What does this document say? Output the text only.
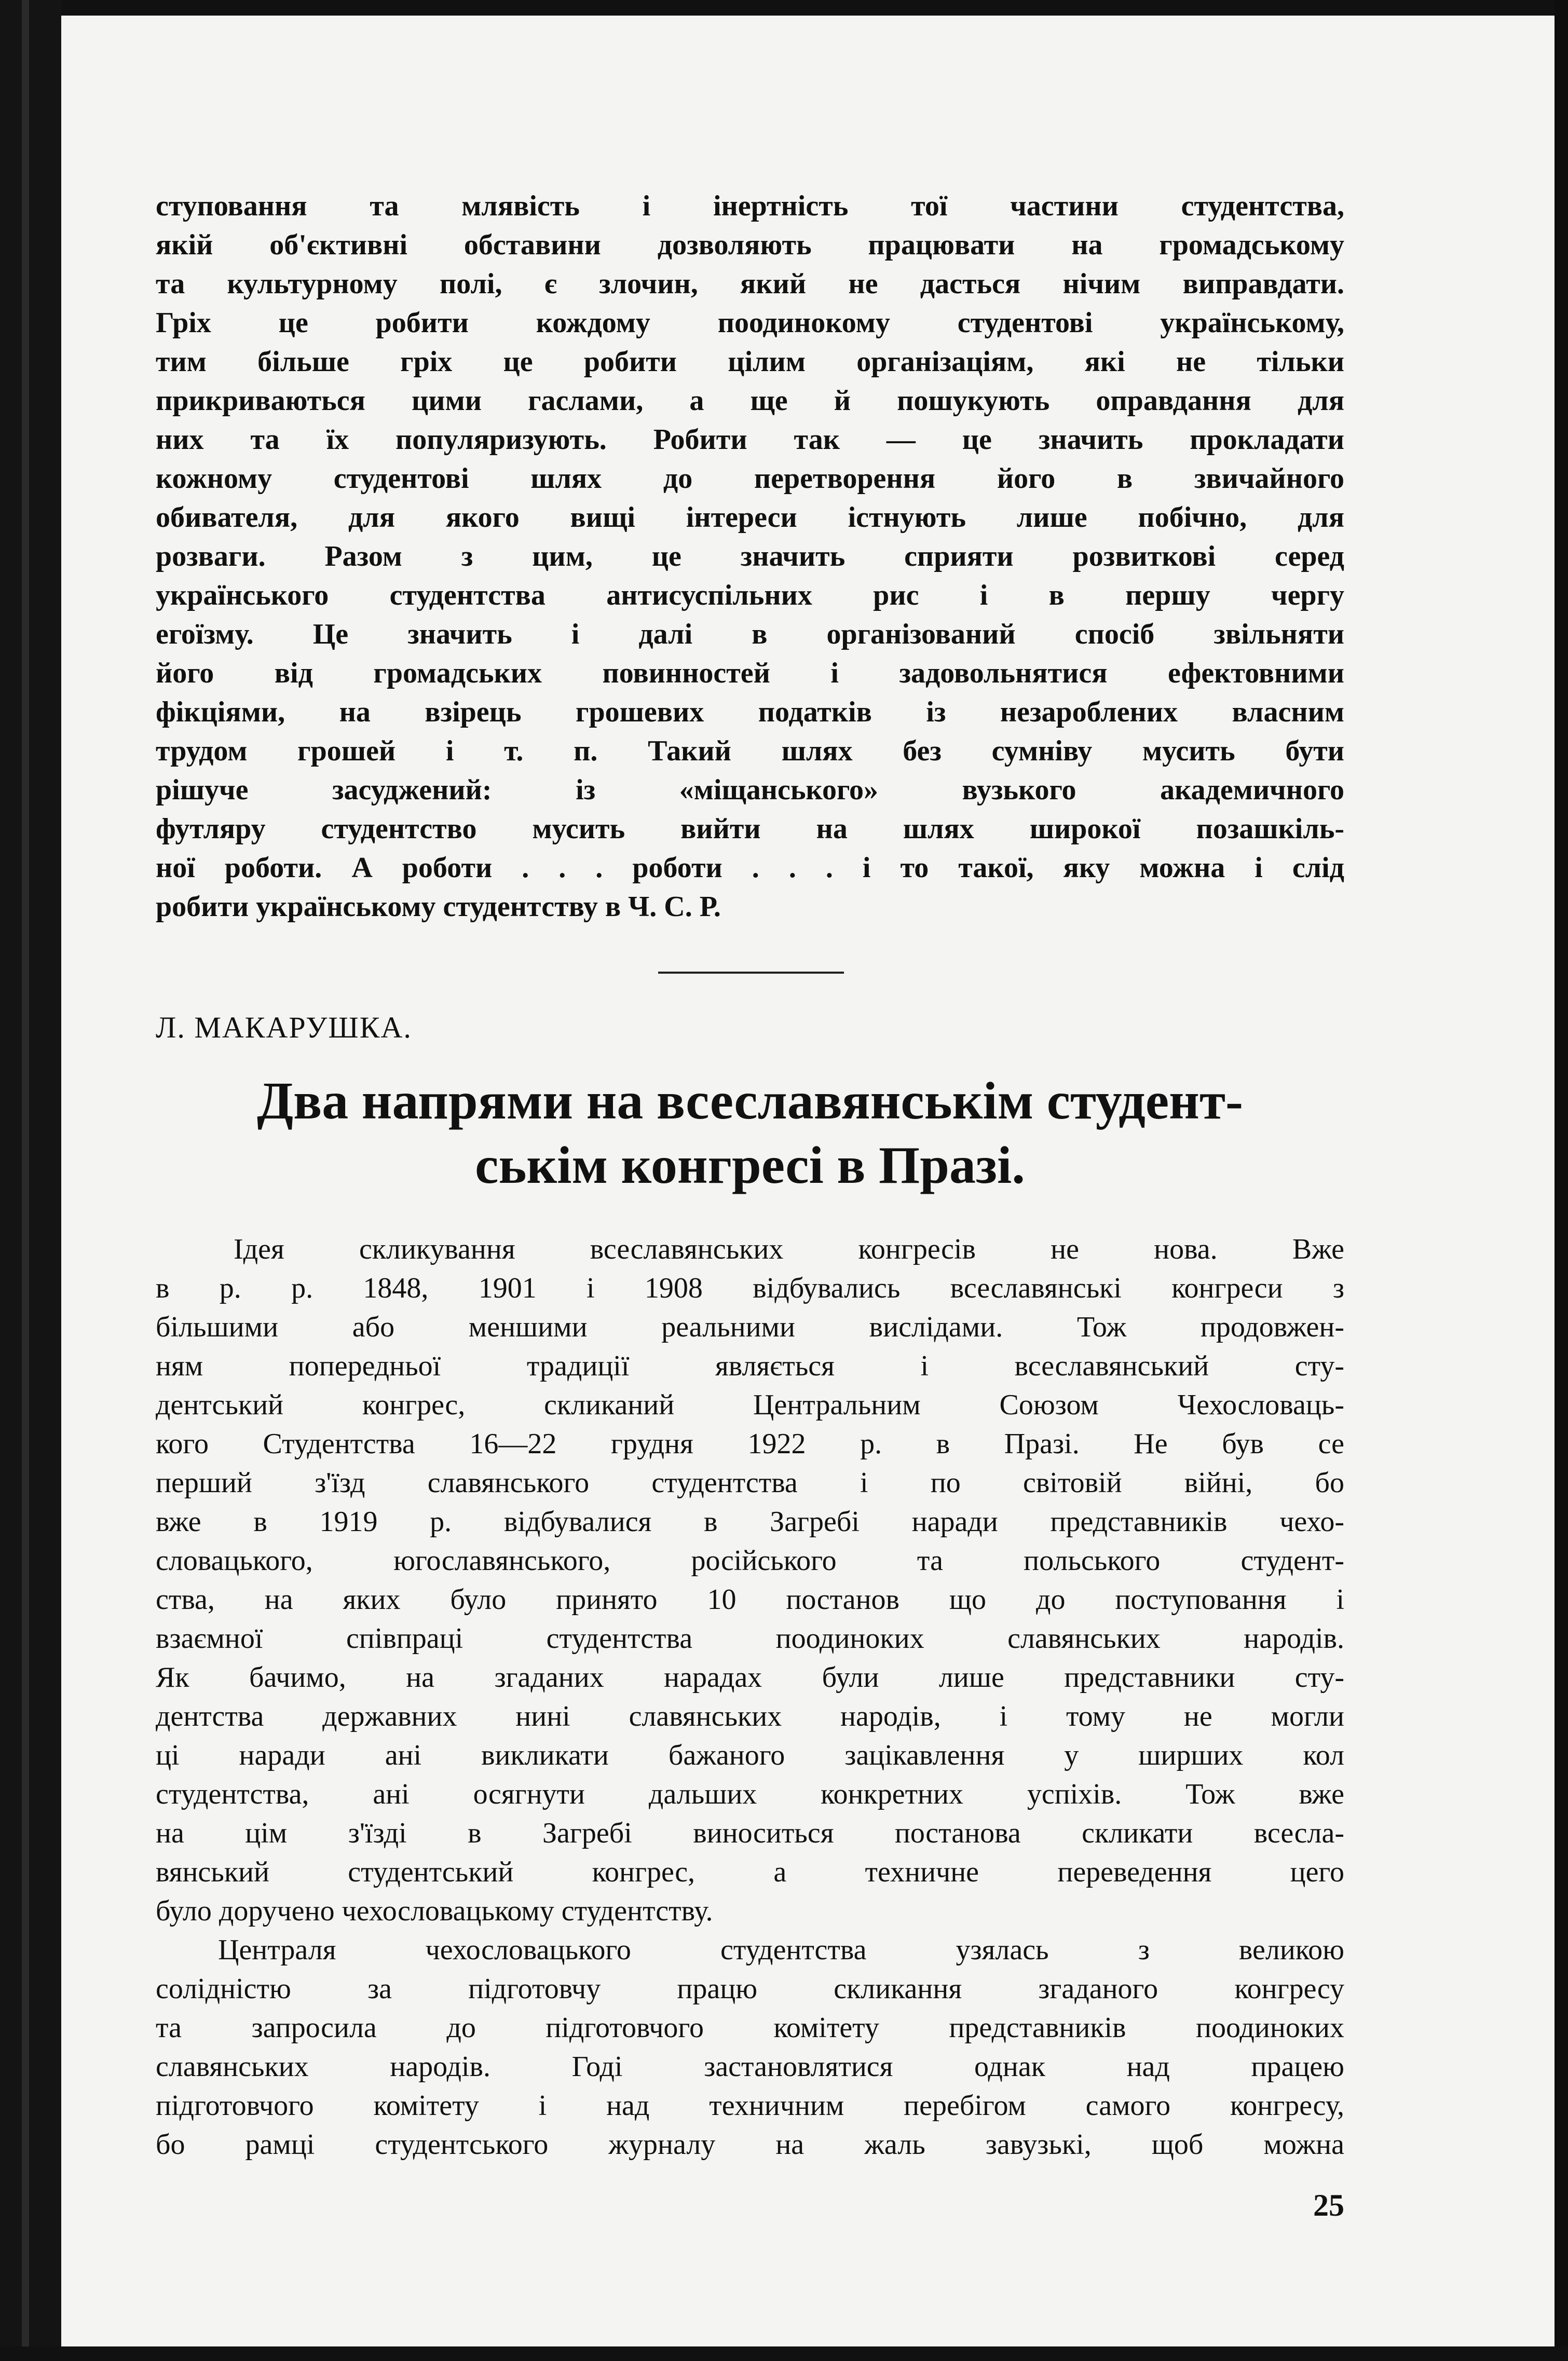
ступовання та млявість і інертність тої частини студентства,
якій об'єктивні обставини дозволяють працювати на громадському
та культурному полі, є злочин, який не дасться нічим виправдати.
Гріх це робити кождому поодинокому студентові українському,
тим більше гріх це робити цілим організаціям, які не тільки
прикриваються цими гаслами, а ще й пошукують оправдання для
них та їх популяризують. Робити так — це значить прокладати
кожному студентові шлях до перетворення його в звичайного
обивателя, для якого вищі інтереси істнують лише побічно, для
розваги. Разом з цим, це значить сприяти розвиткові серед
українського студентства антисуспільних рис і в першу чергу
егоїзму. Це значить і далі в організований спосіб звільняти
його від громадських повинностей і задовольнятися ефектовними
фікціями, на взірець грошевих податків із незароблених власним
трудом грошей і т. п. Такий шлях без сумніву мусить бути
рішуче засуджений: із «міщанського» вузького академичного
футляру студентство мусить вийти на шлях широкої позашкіль-
ної роботи. А роботи . . . роботи . . . і то такої, яку можна і слід
робити українському студентству в Ч. С. Р.
Л. МАКАРУШКА.
Два напрями на всеславянськім студент-
ськім конгресі в Празі.
Ідея скликування всеславянських конгресів не нова. Вже
в р. р. 1848, 1901 і 1908 відбувались всеславянські конгреси з
більшими або меншими реальними вислідами. Тож продовжен-
ням попередньої традиції являється і всеславянський сту-
дентський конгрес, скликаний Центральним Союзом Чехословаць-
кого Студентства 16—22 грудня 1922 р. в Празі. Не був се
перший з'їзд славянського студентства і по світовій війні, бо
вже в 1919 р. відбувалися в Загребі наради представників чехо-
словацького, югославянського, російського та польського студент-
ства, на яких було принято 10 постанов що до поступовання і
взаємної співпраці студентства поодиноких славянських народів.
Як бачимо, на згаданих нарадах були лише представники сту-
дентства державних нині славянських народів, і тому не могли
ці наради ані викликати бажаного зацікавлення у ширших кол
студентства, ані осягнути дальших конкретних успіхів. Тож вже
на цім з'їзді в Загребі виноситься постанова скликати всесла-
вянський студентський конгрес, а техничне переведення цего
було доручено чехословацькому студентству.
Централя чехословацького студентства узялась з великою
солідністю за підготовчу працю скликання згаданого конгресу
та запросила до підготовчого комітету представників поодиноких
славянських народів. Годі застановлятися однак над працею
підготовчого комітету і над техничним перебігом самого конгресу,
бо рамці студентського журналу на жаль завузькі, щоб можна
25
